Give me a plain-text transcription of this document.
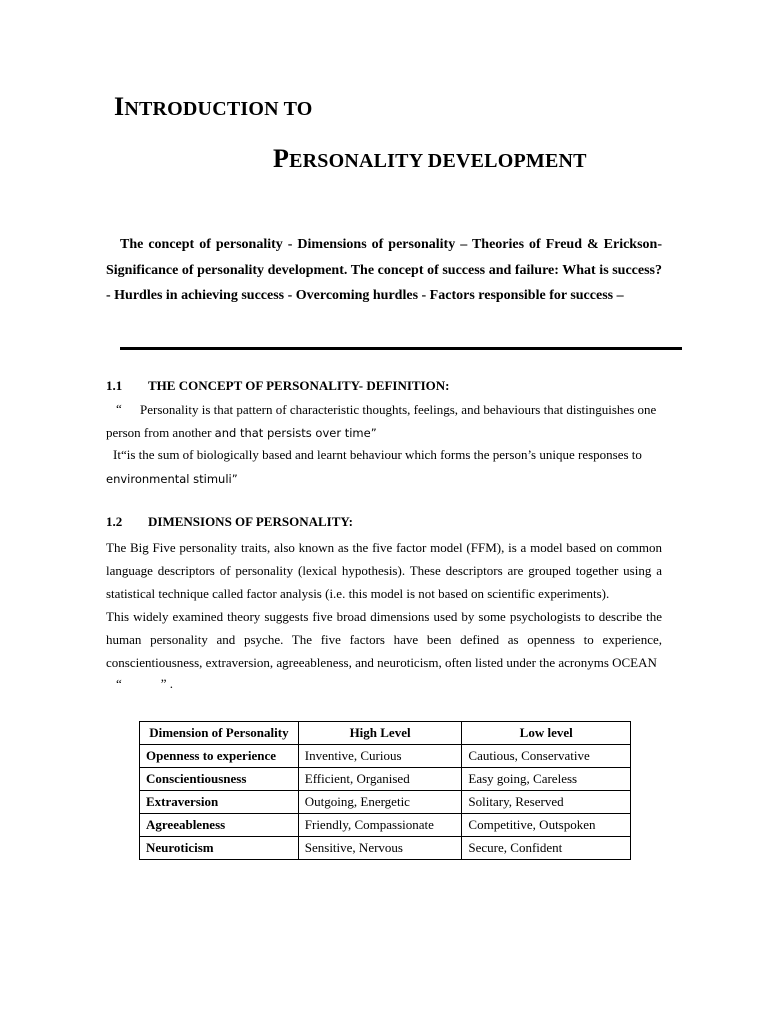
INTRODUCTION TO
PERSONALITY DEVELOPMENT
The concept of personality - Dimensions of personality – Theories of Freud & Erickson- Significance of personality development. The concept of success and failure: What is success? - Hurdles in achieving success - Overcoming hurdles - Factors responsible for success –
1.1 THE CONCEPT OF PERSONALITY- DEFINITION:
“ Personality is that pattern of characteristic thoughts, feelings, and behaviours that distinguishes one
person from another and that persists over time”
It“is the sum of biologically based and learnt behaviour which forms the person’s unique responses to
environmental stimuli”
1.2 DIMENSIONS OF PERSONALITY:
The Big Five personality traits, also known as the five factor model (FFM), is a model based on common language descriptors of personality (lexical hypothesis). These descriptors are grouped together using a statistical technique called factor analysis (i.e. this model is not based on scientific experiments).
This widely examined theory suggests five broad dimensions used by some psychologists to describe the human personality and psyche. The five factors have been defined as openness to experience, conscientiousness, extraversion, agreeableness, and neuroticism, often listed under the acronyms OCEAN
“            ” .
Dimension of Personality	High Level	Low level
Openness to experience	Inventive, Curious	Cautious, Conservative
Conscientiousness	Efficient, Organised	Easy going, Careless
Extraversion	Outgoing, Energetic	Solitary, Reserved
Agreeableness	Friendly, Compassionate	Competitive, Outspoken
Neuroticism	Sensitive, Nervous	Secure, Confident
